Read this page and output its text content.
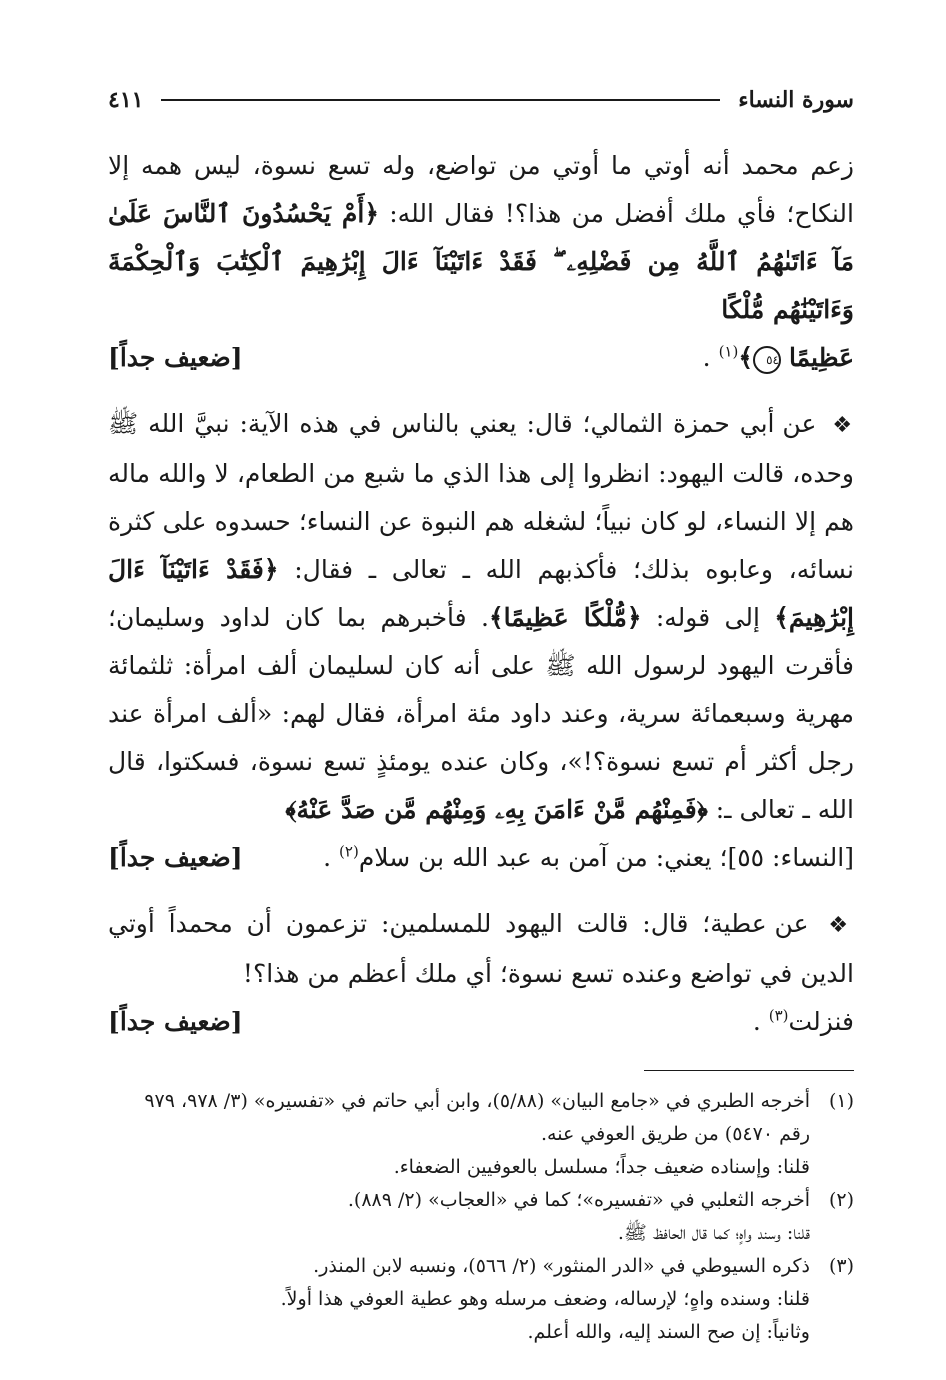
سورة النساء
٤١١
زعم محمد أنه أوتي ما أوتي من تواضع، وله تسع نسوة، ليس همه إلا النكاح؛ فأي ملك أفضل من هذا؟! فقال الله: ﴿أَمْ يَحْسُدُونَ ٱلنَّاسَ عَلَىٰ مَآ ءَاتَىٰهُمُ ٱللَّهُ مِن فَضْلِهِۦ ۖ فَقَدْ ءَاتَيْنَآ ءَالَ إِبْرَٰهِيمَ ٱلْكِتَٰبَ وَٱلْحِكْمَةَ وَءَاتَيْنَٰهُم مُّلْكًا
عَظِيمًا ٥٤﴾$^{(١)}$ .
[ضعيف جداً]
❖ عن أبي حمزة الثمالي؛ قال: يعني بالناس في هذه الآية: نبيَّ الله ﷺ وحده، قالت اليهود: انظروا إلى هذا الذي ما شبع من الطعام، لا والله ماله هم إلا النساء، لو كان نبياً؛ لشغله هم النبوة عن النساء؛ حسدوه على كثرة نسائه، وعابوه بذلك؛ فأكذبهم الله ـ تعالى ـ فقال: ﴿فَقَدْ ءَاتَيْنَآ ءَالَ إِبْرَٰهِيمَ﴾ إلى قوله: ﴿مُّلْكًا عَظِيمًا﴾. فأخبرهم بما كان لداود وسليمان؛ فأقرت اليهود لرسول الله ﷺ على أنه كان لسليمان ألف امرأة: ثلثمائة مهرية وسبعمائة سرية، وعند داود مئة امرأة، فقال لهم: «ألف امرأة عند رجل أكثر أم تسع نسوة؟!»، وكان عنده يومئذٍ تسع نسوة، فسكتوا، قال الله ـ تعالى ـ: ﴿فَمِنْهُم مَّنْ ءَامَنَ بِهِۦ وَمِنْهُم مَّن صَدَّ عَنْهُ﴾
[النساء: ٥٥]؛ يعني: من آمن به عبد الله بن سلام$^{(٢)}$ .
[ضعيف جداً]
❖ عن عطية؛ قال: قالت اليهود للمسلمين: تزعمون أن محمداً أوتي الدين في تواضع وعنده تسع نسوة؛ أي ملك أعظم من هذا؟!
فنزلت$^{(٣)}$ .
[ضعيف جداً]
(١)
أخرجه الطبري في «جامع البيان» (٥/٨٨)، وابن أبي حاتم في «تفسيره» (٣/ ٩٧٨، ٩٧٩ رقم ٥٤٧٠) من طريق العوفي عنه.
قلنا: وإسناده ضعيف جداً؛ مسلسل بالعوفيين الضعفاء.
(٢)
أخرجه الثعلبي في «تفسيره»؛ كما في «العجاب» (٢/ ٨٨٩).
قلنا: وسند واهٍ؛ كما قال الحافظ ﷺ.
(٣)
ذكره السيوطي في «الدر المنثور» (٢/ ٥٦٦)، ونسبه لابن المنذر.
قلنا: وسنده واهٍ؛ لإرساله، وضعف مرسله وهو عطية العوفي هذا أولاً.
وثانياً: إن صح السند إليه، والله أعلم.
